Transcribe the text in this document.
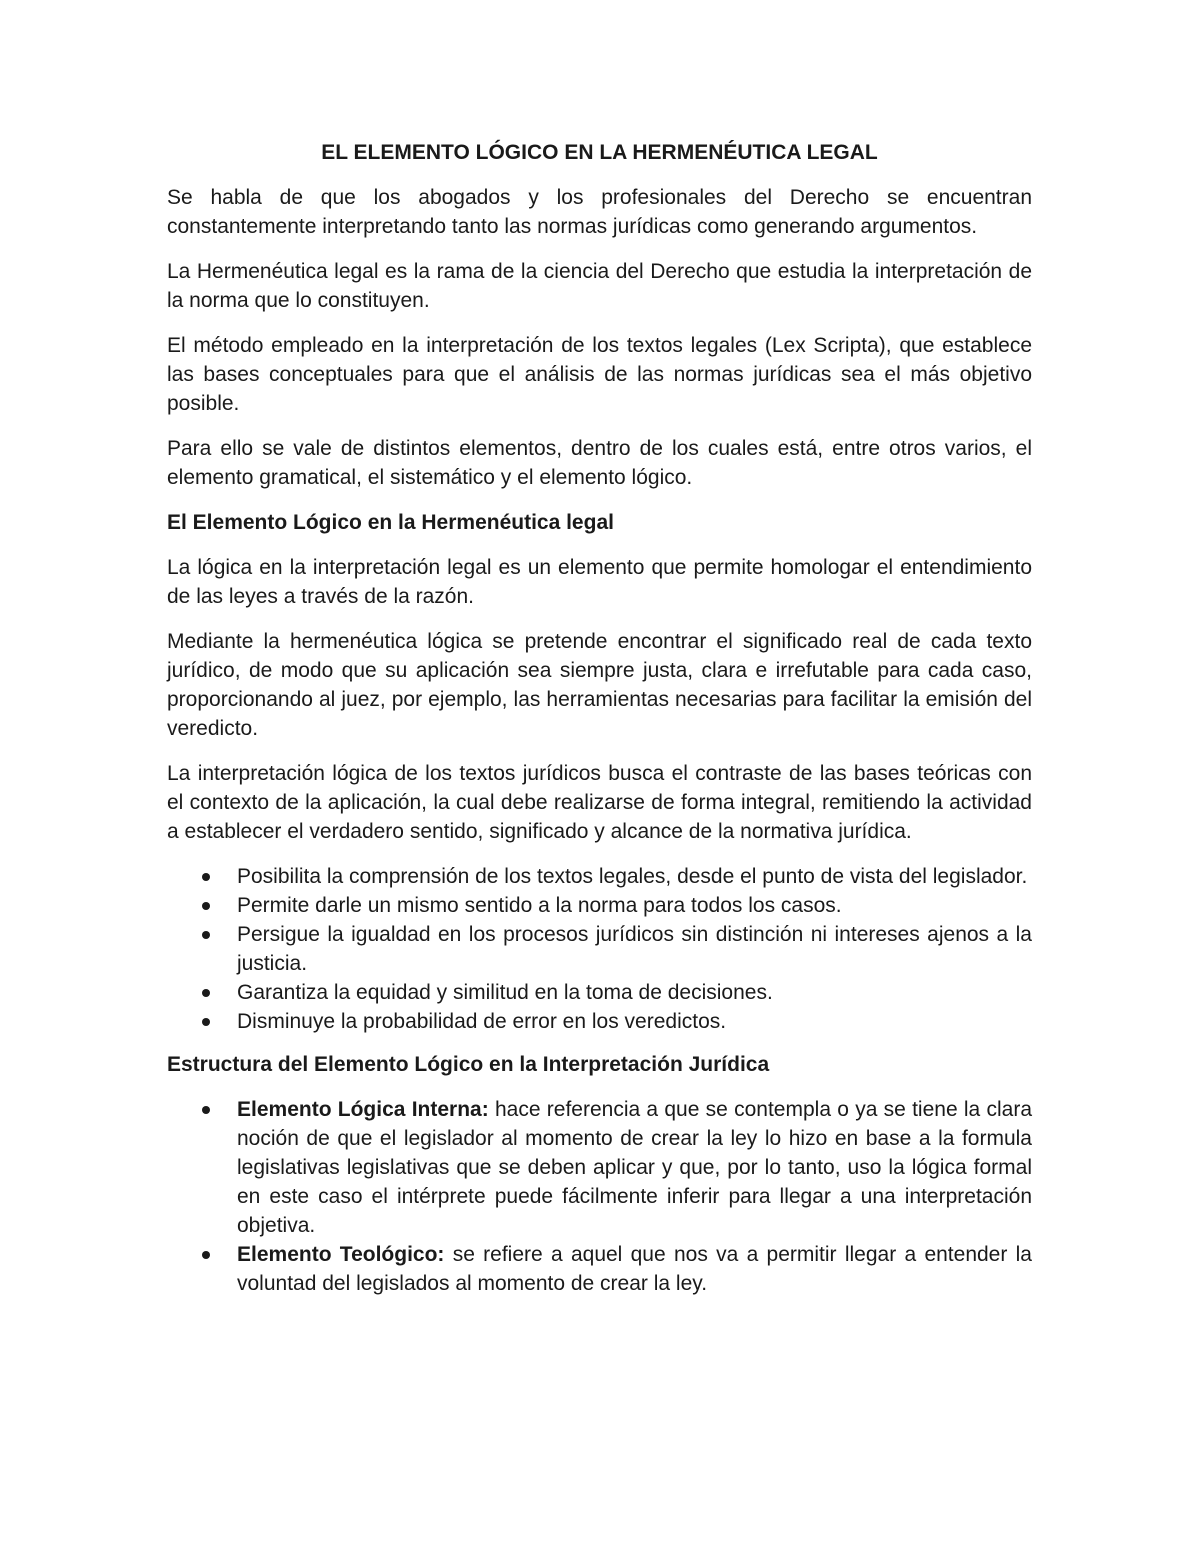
EL ELEMENTO LÓGICO EN LA HERMENÉUTICA LEGAL

Se habla de que los abogados y los profesionales del Derecho se encuentran constantemente interpretando tanto las normas jurídicas como generando argumentos.

La Hermenéutica legal es la rama de la ciencia del Derecho que estudia la interpretación de la norma que lo constituyen.

El método empleado en la interpretación de los textos legales (Lex Scripta), que establece las bases conceptuales para que el análisis de las normas jurídicas sea el más objetivo posible.

Para ello se vale de distintos elementos, dentro de los cuales está, entre otros varios, el elemento gramatical, el sistemático y el elemento lógico.

El Elemento Lógico en la Hermenéutica legal

La lógica en la interpretación legal es un elemento que permite homologar el entendimiento de las leyes a través de la razón.

Mediante la hermenéutica lógica se pretende encontrar el significado real de cada texto jurídico, de modo que su aplicación sea siempre justa, clara e irrefutable para cada caso, proporcionando al juez, por ejemplo, las herramientas necesarias para facilitar la emisión del veredicto.

La interpretación lógica de los textos jurídicos busca el contraste de las bases teóricas con el contexto de la aplicación, la cual debe realizarse de forma integral, remitiendo la actividad a establecer el verdadero sentido, significado y alcance de la normativa jurídica.

Posibilita la comprensión de los textos legales, desde el punto de vista del legislador.
Permite darle un mismo sentido a la norma para todos los casos.
Persigue la igualdad en los procesos jurídicos sin distinción ni intereses ajenos a la justicia.
Garantiza la equidad y similitud en la toma de decisiones.
Disminuye la probabilidad de error en los veredictos.
Estructura del Elemento Lógico en la Interpretación Jurídica
Elemento Lógica Interna: hace referencia a que se contempla o ya se tiene la clara noción de que el legislador al momento de crear la ley lo hizo en base a la formula legislativas legislativas que se deben aplicar y que, por lo tanto, uso la lógica formal en este caso el intérprete puede fácilmente inferir para llegar a una interpretación objetiva.
Elemento Teológico: se refiere a aquel que nos va a permitir llegar a entender la voluntad del legislados al momento de crear la ley.
